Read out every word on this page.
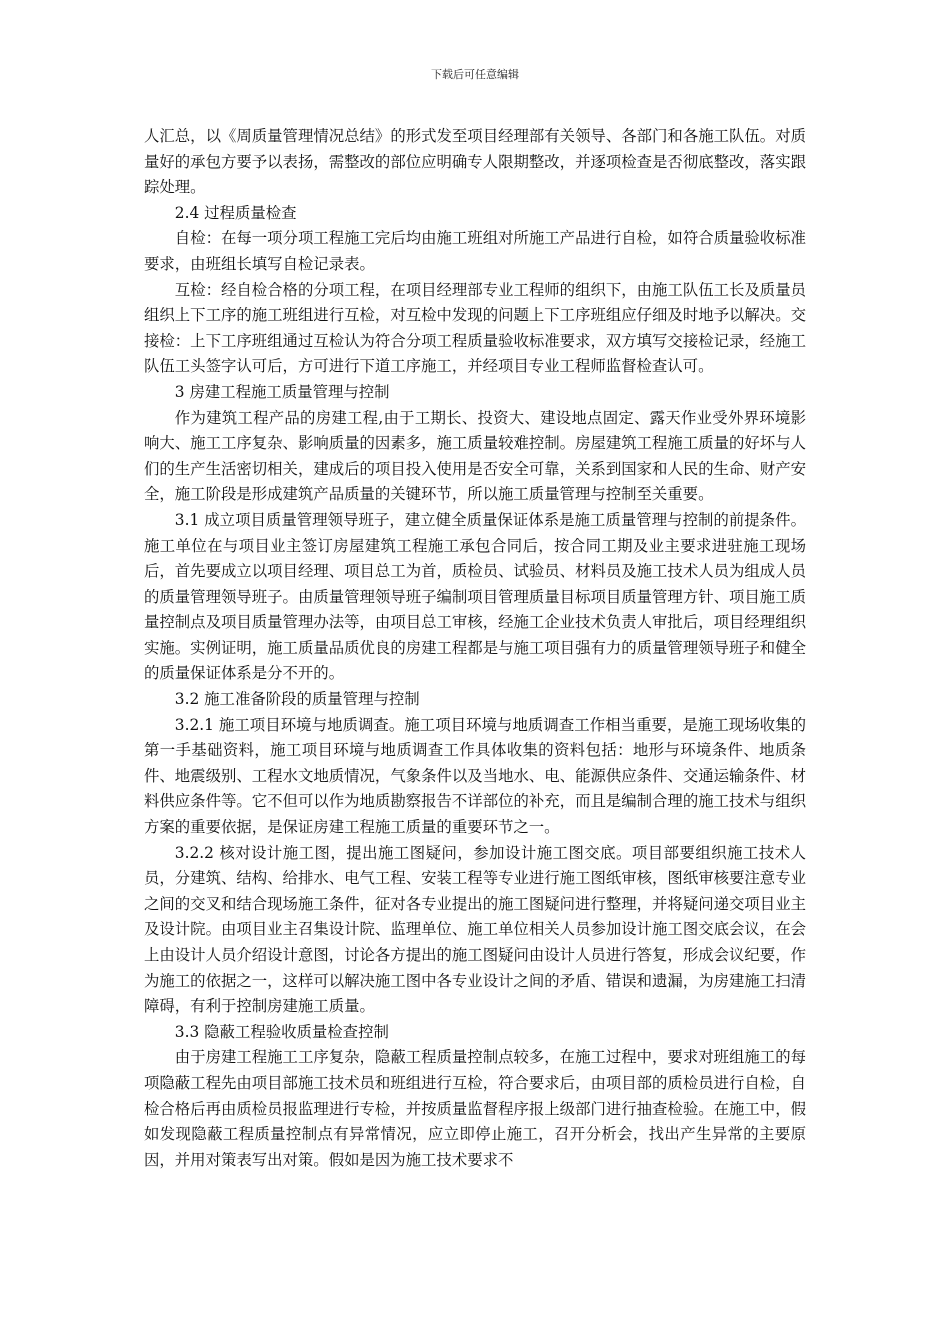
下载后可任意编辑

人汇总，以《周质量管理情况总结》的形式发至项目经理部有关领导、各部门和各施工队伍。对质量好的承包方要予以表扬，需整改的部位应明确专人限期整改，并逐项检查是否彻底整改，落实跟踪处理。

2.4 过程质量检查

自检：在每一项分项工程施工完后均由施工班组对所施工产品进行自检，如符合质量验收标准要求，由班组长填写自检记录表。

互检：经自检合格的分项工程，在项目经理部专业工程师的组织下，由施工队伍工长及质量员组织上下工序的施工班组进行互检，对互检中发现的问题上下工序班组应仔细及时地予以解决。交接检：上下工序班组通过互检认为符合分项工程质量验收标准要求，双方填写交接检记录，经施工队伍工头签字认可后，方可进行下道工序施工，并经项目专业工程师监督检查认可。

3 房建工程施工质量管理与控制

作为建筑工程产品的房建工程,由于工期长、投资大、建设地点固定、露天作业受外界环境影响大、施工工序复杂、影响质量的因素多，施工质量较难控制。房屋建筑工程施工质量的好坏与人们的生产生活密切相关，建成后的项目投入使用是否安全可靠，关系到国家和人民的生命、财产安全，施工阶段是形成建筑产品质量的关键环节，所以施工质量管理与控制至关重要。

3.1 成立项目质量管理领导班子，建立健全质量保证体系是施工质量管理与控制的前提条件。施工单位在与项目业主签订房屋建筑工程施工承包合同后，按合同工期及业主要求进驻施工现场后，首先要成立以项目经理、项目总工为首，质检员、试验员、材料员及施工技术人员为组成人员的质量管理领导班子。由质量管理领导班子编制项目管理质量目标项目质量管理方针、项目施工质量控制点及项目质量管理办法等，由项目总工审核，经施工企业技术负责人审批后，项目经理组织实施。实例证明，施工质量品质优良的房建工程都是与施工项目强有力的质量管理领导班子和健全的质量保证体系是分不开的。

3.2 施工准备阶段的质量管理与控制

3.2.1 施工项目环境与地质调查。施工项目环境与地质调查工作相当重要，是施工现场收集的第一手基础资料，施工项目环境与地质调查工作具体收集的资料包括：地形与环境条件、地质条件、地震级别、工程水文地质情况，气象条件以及当地水、电、能源供应条件、交通运输条件、材料供应条件等。它不但可以作为地质勘察报告不详部位的补充，而且是编制合理的施工技术与组织方案的重要依据，是保证房建工程施工质量的重要环节之一。

3.2.2 核对设计施工图，提出施工图疑问，参加设计施工图交底。项目部要组织施工技术人员，分建筑、结构、给排水、电气工程、安装工程等专业进行施工图纸审核，图纸审核要注意专业之间的交叉和结合现场施工条件，征对各专业提出的施工图疑问进行整理，并将疑问递交项目业主及设计院。由项目业主召集设计院、监理单位、施工单位相关人员参加设计施工图交底会议，在会上由设计人员介绍设计意图，讨论各方提出的施工图疑问由设计人员进行答复，形成会议纪要，作为施工的依据之一，这样可以解决施工图中各专业设计之间的矛盾、错误和遗漏，为房建施工扫清障碍，有利于控制房建施工质量。

3.3 隐蔽工程验收质量检查控制

由于房建工程施工工序复杂，隐蔽工程质量控制点较多，在施工过程中，要求对班组施工的每项隐蔽工程先由项目部施工技术员和班组进行互检，符合要求后，由项目部的质检员进行自检，自检合格后再由质检员报监理进行专检，并按质量监督程序报上级部门进行抽查检验。在施工中，假如发现隐蔽工程质量控制点有异常情况，应立即停止施工，召开分析会，找出产生异常的主要原因，并用对策表写出对策。假如是因为施工技术要求不
